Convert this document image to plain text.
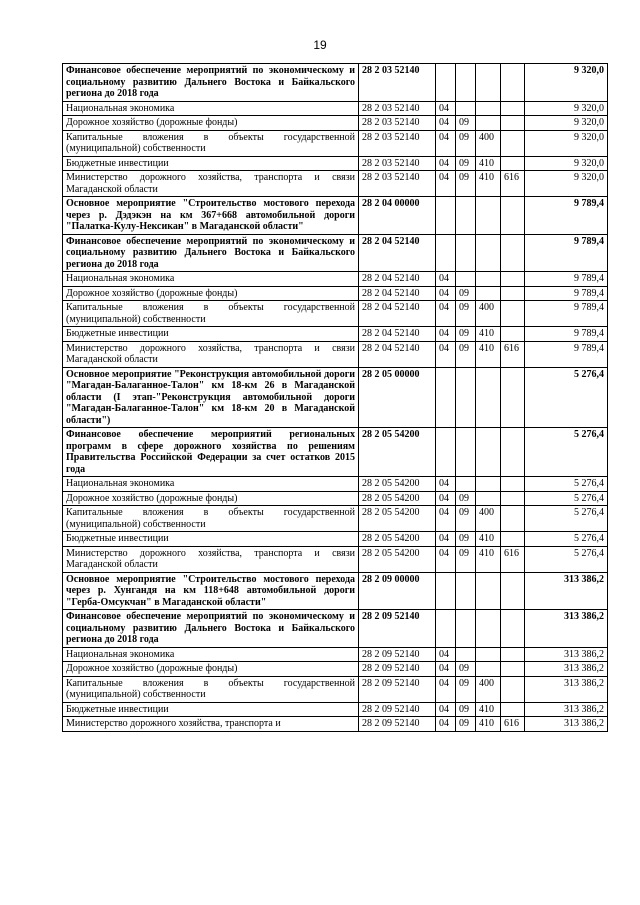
19
Финансовое обеспечение мероприятий по экономическому и социальному развитию Дальнего Востока и Байкальского региона до 2018 года	28 2 03 52140					9 320,0
Национальная экономика	28 2 03 52140	04				9 320,0
Дорожное хозяйство (дорожные фонды)	28 2 03 52140	04	09			9 320,0
Капитальные вложения в объекты государственной (муниципальной) собственности	28 2 03 52140	04	09	400		9 320,0
Бюджетные инвестиции	28 2 03 52140	04	09	410		9 320,0
Министерство дорожного хозяйства, транспорта и связи Магаданской области	28 2 03 52140	04	09	410	616	9 320,0
Основное мероприятие "Строительство мостового перехода через р. Дэдэкэн на км 367+668 автомобильной дороги "Палатка-Кулу-Нексикан" в Магаданской области"	28 2 04 00000					9 789,4
Финансовое обеспечение мероприятий по экономическому и социальному развитию Дальнего Востока и Байкальского региона до 2018 года	28 2 04 52140					9 789,4
Национальная экономика	28 2 04 52140	04				9 789,4
Дорожное хозяйство (дорожные фонды)	28 2 04 52140	04	09			9 789,4
Капитальные вложения в объекты государственной (муниципальной) собственности	28 2 04 52140	04	09	400		9 789,4
Бюджетные инвестиции	28 2 04 52140	04	09	410		9 789,4
Министерство дорожного хозяйства, транспорта и связи Магаданской области	28 2 04 52140	04	09	410	616	9 789,4
Основное мероприятие "Реконструкция автомобильной дороги "Магадан-Балаганное-Талон" км 18-км 26 в Магаданской области (I этап-"Реконструкция автомобильной дороги "Магадан-Балаганное-Талон" км 18-км 20 в Магаданской области")	28 2 05 00000					5 276,4
Финансовое обеспечение мероприятий региональных программ в сфере дорожного хозяйства по решениям Правительства Российской Федерации за счет остатков 2015 года	28 2 05 54200					5 276,4
Национальная экономика	28 2 05 54200	04				5 276,4
Дорожное хозяйство (дорожные фонды)	28 2 05 54200	04	09			5 276,4
Капитальные вложения в объекты государственной (муниципальной) собственности	28 2 05 54200	04	09	400		5 276,4
Бюджетные инвестиции	28 2 05 54200	04	09	410		5 276,4
Министерство дорожного хозяйства, транспорта и связи Магаданской области	28 2 05 54200	04	09	410	616	5 276,4
Основное мероприятие "Строительство мостового перехода через р. Хунгандя на км 118+648 автомобильной дороги "Герба-Омсукчан" в Магаданской области"	28 2 09 00000					313 386,2
Финансовое обеспечение мероприятий по экономическому и социальному развитию Дальнего Востока и Байкальского региона до 2018 года	28 2 09 52140					313 386,2
Национальная экономика	28 2 09 52140	04				313 386,2
Дорожное хозяйство (дорожные фонды)	28 2 09 52140	04	09			313 386,2
Капитальные вложения в объекты государственной (муниципальной) собственности	28 2 09 52140	04	09	400		313 386,2
Бюджетные инвестиции	28 2 09 52140	04	09	410		313 386,2
Министерство дорожного хозяйства, транспорта и	28 2 09 52140	04	09	410	616	313 386,2
